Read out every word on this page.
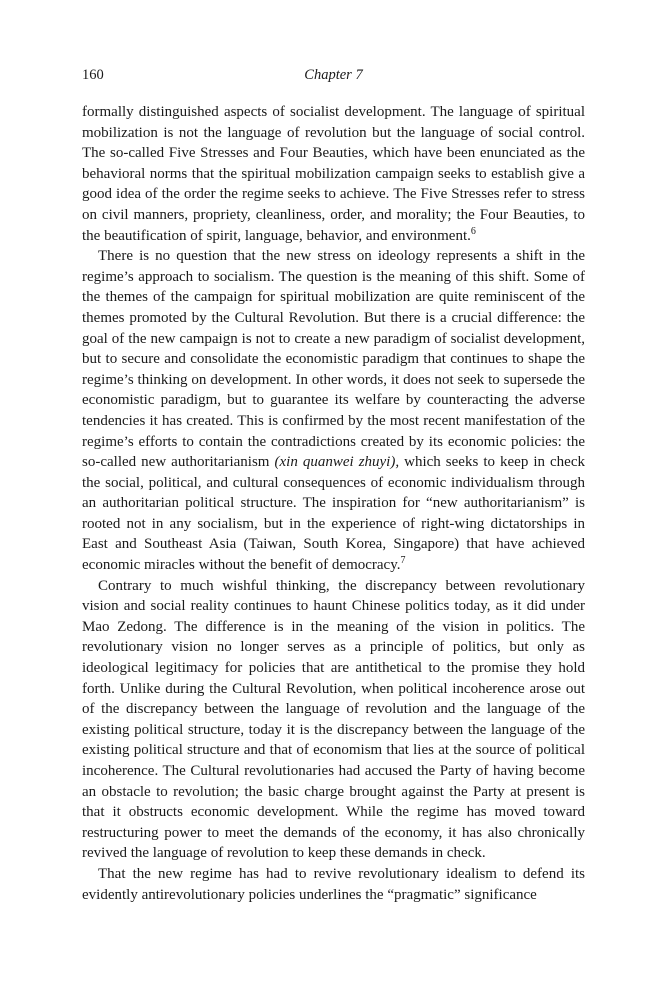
160	Chapter 7

formally distinguished aspects of socialist development. The language of spiritual mobilization is not the language of revolution but the language of social control. The so-called Five Stresses and Four Beauties, which have been enunciated as the behavioral norms that the spiritual mobilization campaign seeks to establish give a good idea of the order the regime seeks to achieve. The Five Stresses refer to stress on civil manners, propriety, cleanliness, order, and morality; the Four Beauties, to the beautification of spirit, language, behavior, and environment.$^6$

There is no question that the new stress on ideology represents a shift in the regime’s approach to socialism. The question is the meaning of this shift. Some of the themes of the campaign for spiritual mobilization are quite reminiscent of the themes promoted by the Cultural Revolution. But there is a crucial difference: the goal of the new campaign is not to create a new paradigm of socialist development, but to secure and consolidate the economistic paradigm that continues to shape the regime’s thinking on development. In other words, it does not seek to supersede the economistic paradigm, but to guarantee its welfare by counteracting the adverse tendencies it has created. This is confirmed by the most recent manifestation of the regime’s efforts to contain the contradictions created by its economic policies: the so-called new authoritarianism (xin quanwei zhuyi), which seeks to keep in check the social, political, and cultural consequences of economic individualism through an authoritarian political structure. The inspiration for “new authoritarianism” is rooted not in any socialism, but in the experience of right-wing dictatorships in East and Southeast Asia (Taiwan, South Korea, Singapore) that have achieved economic miracles without the benefit of democracy.$^7$

Contrary to much wishful thinking, the discrepancy between revolutionary vision and social reality continues to haunt Chinese politics today, as it did under Mao Zedong. The difference is in the meaning of the vision in politics. The revolutionary vision no longer serves as a principle of politics, but only as ideological legitimacy for policies that are antithetical to the promise they hold forth. Unlike during the Cultural Revolution, when political incoherence arose out of the discrepancy between the language of revolution and the language of the existing political structure, today it is the discrepancy between the language of the existing political structure and that of economism that lies at the source of political incoherence. The Cultural revolutionaries had accused the Party of having become an obstacle to revolution; the basic charge brought against the Party at present is that it obstructs economic development. While the regime has moved toward restructuring power to meet the demands of the economy, it has also chronically revived the language of revolution to keep these demands in check.

That the new regime has had to revive revolutionary idealism to defend its evidently antirevolutionary policies underlines the “pragmatic” significance
